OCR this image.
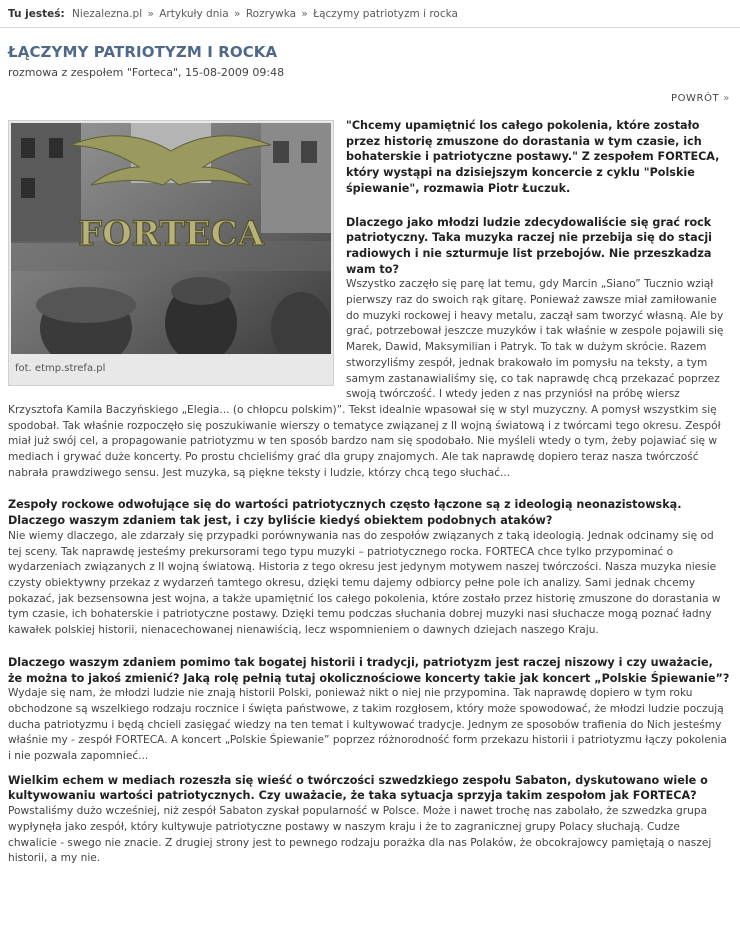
Tu jesteś: Niezalezna.pl » Artykuły dnia » Rozrywka » Łączymy patriotyzm i rocka
ŁĄCZYMY PATRIOTYZM I ROCKA
rozmowa z zespołem "Forteca", 15-08-2009 09:48
POWRÓT »
FORTECA
fot. etmp.strefa.pl

"Chcemy upamiętnić los całego pokolenia, które zostało przez historię zmuszone do dorastania w tym czasie, ich bohaterskie i patriotyczne postawy." Z zespołem FORTECA, który wystąpi na dzisiejszym koncercie z cyklu "Polskie śpiewanie", rozmawia Piotr Łuczuk.

Dlaczego jako młodzi ludzie zdecydowaliście się grać rock patriotyczny. Taka muzyka raczej nie przebija się do stacji radiowych i nie szturmuje list przebojów. Nie przeszkadza wam to?

Wszystko zaczęło się parę lat temu, gdy Marcin „Siano” Tucznio wziął pierwszy raz do swoich rąk gitarę. Ponieważ zawsze miał zamiłowanie do muzyki rockowej i heavy metalu, zaczął sam tworzyć własną. Ale by grać, potrzebował jeszcze muzyków i tak właśnie w zespole pojawili się Marek, Dawid, Maksymilian i Patryk. To tak w dużym skrócie. Razem stworzyliśmy zespół, jednak brakowało im pomysłu na teksty, a tym samym zastanawialiśmy się, co tak naprawdę chcą przekazać poprzez swoją twórczość. I wtedy jeden z nas przyniósł na próbę wiersz Krzysztofa Kamila Baczyńskiego „Elegia... (o chłopcu polskim)”. Tekst idealnie wpasował się w styl muzyczny. A pomysł wszystkim się spodobał. Tak właśnie rozpoczęło się poszukiwanie wierszy o tematyce związanej z II wojną światową i z twórcami tego okresu. Zespół miał już swój cel, a propagowanie patriotyzmu w ten sposób bardzo nam się spodobało. Nie myśleli wtedy o tym, żeby pojawiać się w mediach i grywać duże koncerty. Po prostu chcieliśmy grać dla grupy znajomych. Ale tak naprawdę dopiero teraz nasza twórczość nabrała prawdziwego sensu. Jest muzyka, są piękne teksty i ludzie, którzy chcą tego słuchać...

Zespoły rockowe odwołujące się do wartości patriotycznych często łączone są z ideologią neonazistowską. Dlaczego waszym zdaniem tak jest, i czy byliście kiedyś obiektem podobnych ataków?

Nie wiemy dlaczego, ale zdarzały się przypadki porównywania nas do zespołów związanych z taką ideologią. Jednak odcinamy się od tej sceny. Tak naprawdę jesteśmy prekursorami tego typu muzyki – patriotycznego rocka. FORTECA chce tylko przypominać o wydarzeniach związanych z II wojną światową. Historia z tego okresu jest jedynym motywem naszej twórczości. Nasza muzyka niesie czysty obiektywny przekaz z wydarzeń tamtego okresu, dzięki temu dajemy odbiorcy pełne pole ich analizy. Sami jednak chcemy pokazać, jak bezsensowna jest wojna, a także upamiętnić los całego pokolenia, które zostało przez historię zmuszone do dorastania w tym czasie, ich bohaterskie i patriotyczne postawy. Dzięki temu podczas słuchania dobrej muzyki nasi słuchacze mogą poznać ładny kawałek polskiej historii, nienacechowanej nienawiścią, lecz wspomnieniem o dawnych dziejach naszego Kraju.

Dlaczego waszym zdaniem pomimo tak bogatej historii i tradycji, patriotyzm jest raczej niszowy i czy uważacie, że można to jakoś zmienić? Jaką rolę pełnią tutaj okolicznościowe koncerty takie jak koncert „Polskie Śpiewanie”?

Wydaje się nam, że młodzi ludzie nie znają historii Polski, ponieważ nikt o niej nie przypomina. Tak naprawdę dopiero w tym roku obchodzone są wszelkiego rodzaju rocznice i święta państwowe, z takim rozgłosem, który może spowodować, że młodzi ludzie poczują ducha patriotyzmu i będą chcieli zasięgać wiedzy na ten temat i kultywować tradycje. Jednym ze sposobów trafienia do Nich jesteśmy właśnie my - zespół FORTECA. A koncert „Polskie Śpiewanie” poprzez różnorodność form przekazu historii i patriotyzmu łączy pokolenia i nie pozwala zapomnieć...

Wielkim echem w mediach rozeszła się wieść o twórczości szwedzkiego zespołu Sabaton, dyskutowano wiele o kultywowaniu wartości patriotycznych. Czy uważacie, że taka sytuacja sprzyja takim zespołom jak FORTECA?

Powstaliśmy dużo wcześniej, niż zespół Sabaton zyskał popularność w Polsce. Może i nawet trochę nas zabolało, że szwedzka grupa wypłynęła jako zespół, który kultywuje patriotyczne postawy w naszym kraju i że to zagranicznej grupy Polacy słuchają. Cudze chwalicie - swego nie znacie. Z drugiej strony jest to pewnego rodzaju porażka dla nas Polaków, że obcokrajowcy pamiętają o naszej historii, a my nie.
